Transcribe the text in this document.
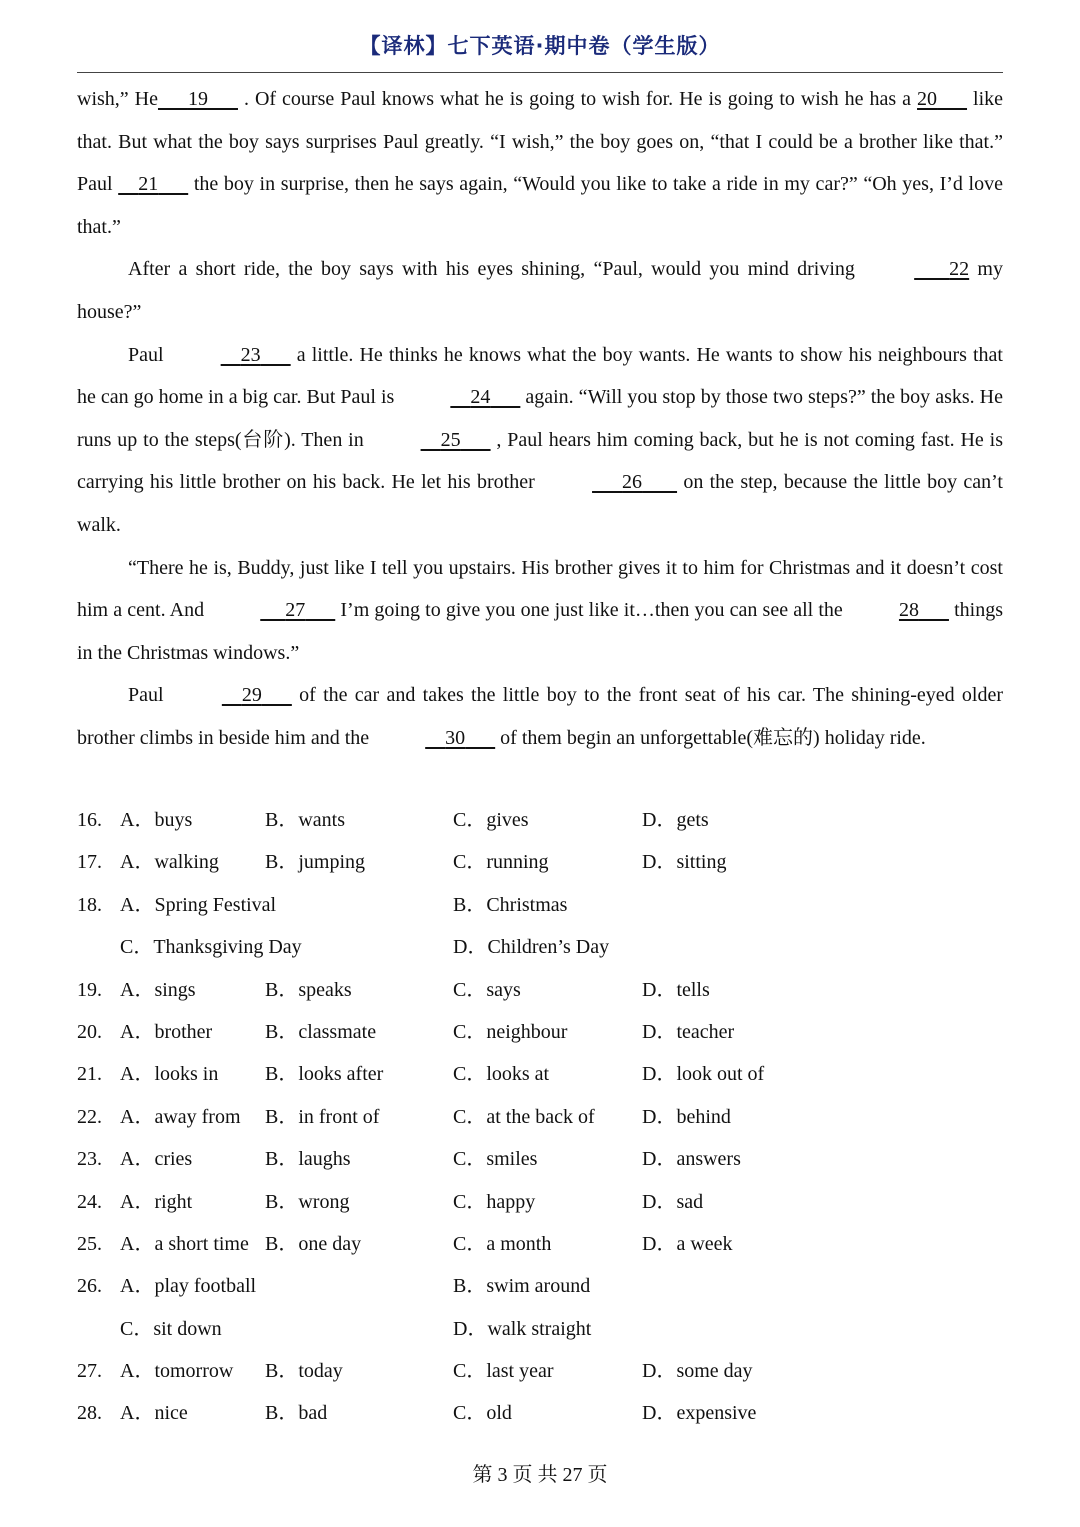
【译林】七下英语·期中卷（学生版）

wish,” He 19       . Of course Paul knows what he is going to wish for. He is going to wish he has a 20       like that. But what the boy says surprises Paul greatly. “I wish,” the boy goes on, “that I could be a brother like that.” Paul     21       the boy in surprise, then he says again, “Would you like to take a ride in my car?” “Oh yes, I’d love that.”

After a short ride, the boy says with his eyes shining, “Paul, would you mind driving	22 my house?”

Paul	23       a little. He thinks he knows what the boy wants. He wants to show his neighbours that he can go home in a big car. But Paul is	24       again. “Will you stop by those two steps?” the boy asks. He runs up to the steps(台阶). Then in	25       , Paul hears him coming back, but he is not coming fast. He is carrying his little brother on his back. He let his brother	26        on the step, because the little boy can’t walk.

“There he is, Buddy, just like I tell you upstairs. His brother gives it to him for Christmas and it doesn’t cost him a cent. And	27       I’m going to give you one just like it…then you can see all the	28       things in the Christmas windows.”

Paul	29       of the car and takes the little boy to the front seat of his car. The shining-eyed older brother climbs in beside him and the	30       of them begin an unforgettable(难忘的) holiday ride.

16. A．buys	B．wants	C．gives	D．gets
17. A．walking B．jumping	C．running	D．sitting
18. A．Spring Festival	B．Christmas
C．Thanksgiving Day	D．Children’s Day
19. A．sings	B．speaks	C．says	D．tells
20. A．brother	B．classmate	C．neighbour	D．teacher
21. A．looks in B．looks after	C．looks at	D．look out of
22. A．away from B．in front of	C．at the back of D．behind
23. A．cries	B．laughs	C．smiles	D．answers
24. A．right	B．wrong	C．happy	D．sad
25. A．a short time B．one day	C．a month	D．a week
26. A．play football	B．swim around
C．sit down	D．walk straight
27. A．tomorrow B．today	C．last year	D．some day
28. A．nice	B．bad	C．old	D．expensive
第 3 页 共 27 页
